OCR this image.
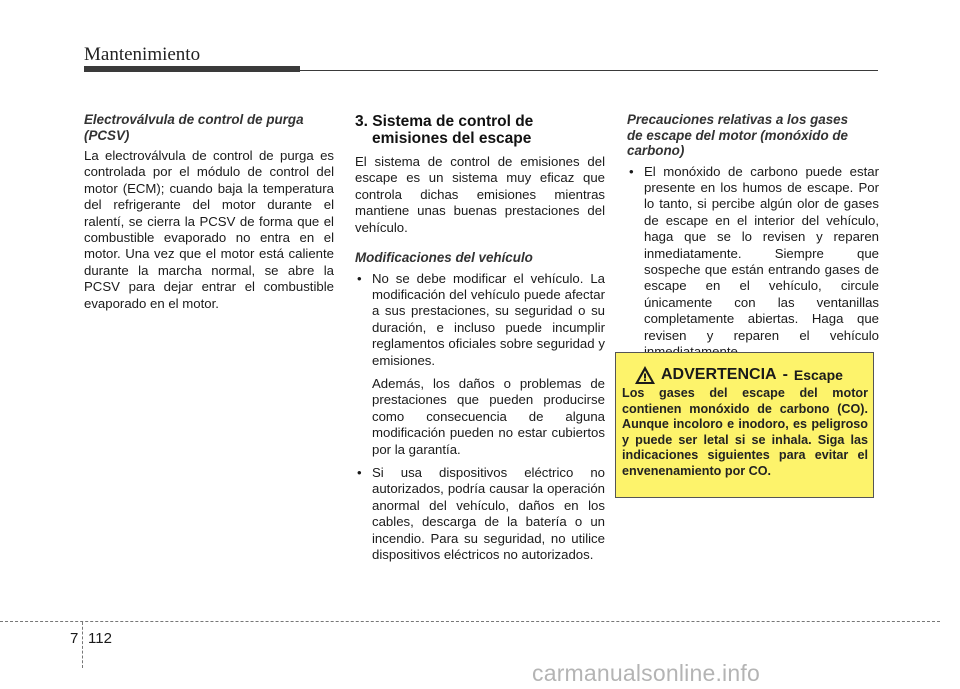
Mantenimiento

Electroválvula de control de purga
(PCSV)

La electroválvula de control de purga es controlada por el módulo de control del motor (ECM); cuando baja la temperatura del refrigerante del motor durante el ralentí, se cierra la PCSV de forma que el combustible evaporado no entra en el motor. Una vez que el motor está caliente durante la marcha normal, se abre la PCSV para dejar entrar el combustible evaporado en el motor.

3. Sistema de control de
emisiones del escape

El sistema de control de emisiones del escape es un sistema muy eficaz que controla dichas emisiones mientras mantiene unas buenas prestaciones del vehículo.

Modificaciones del vehículo

• No se debe modificar el vehículo. La modificación del vehículo puede afectar a sus prestaciones, su seguridad o su duración, e incluso puede incumplir reglamentos oficiales sobre seguridad y emisiones.

Además, los daños o problemas de prestaciones que pueden producirse como consecuencia de alguna modificación pueden no estar cubiertos por la garantía.

• Si usa dispositivos eléctrico no autorizados, podría causar la operación anormal del vehículo, daños en los cables, descarga de la batería o un incendio. Para su seguridad, no utilice dispositivos eléctricos no autorizados.

Precauciones relativas a los gases
de escape del motor (monóxido de
carbono)

• El monóxido de carbono puede estar presente en los humos de escape. Por lo tanto, si percibe algún olor de gases de escape en el interior del vehículo, haga que se lo revisen y reparen inmediatamente. Siempre que sospeche que están entrando gases de escape en el vehículo, circule únicamente con las ventanillas completamente abiertas. Haga que revisen y reparen el vehículo
ADVERTENCIA - Escape
Los gases del escape del motor contienen monóxido de carbono (CO). Aunque incoloro e inodoro, es peligroso y puede ser letal si se inhala. Siga las indicaciones siguientes para evitar el envenenamiento por CO.
7 112
carmanualsonline.info
